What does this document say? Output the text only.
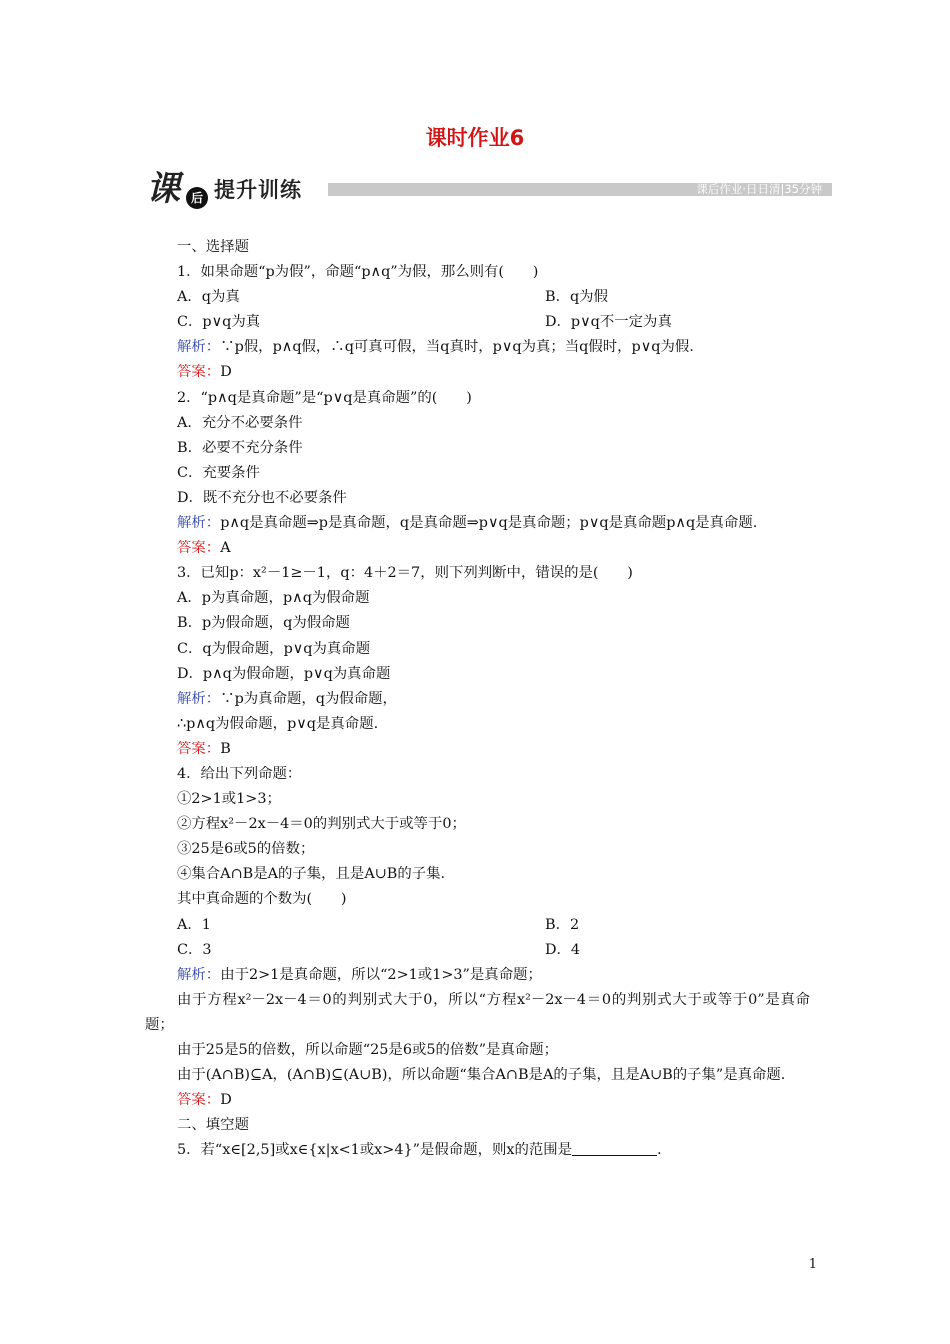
课时作业6
课 后 提升训练	课后作业·日日清|35分钟
一、选择题
1．如果命题“p为假”，命题“p∧q”为假，那么则有(　　)
A．q为真	B．q为假
C．p∨q为真	D．p∨q不一定为真
解析：∵p假，p∧q假，∴q可真可假，当q真时，p∨q为真；当q假时，p∨q为假.
答案：D
2．“p∧q是真命题”是“p∨q是真命题”的(　　)
A．充分不必要条件
B．必要不充分条件
C．充要条件
D．既不充分也不必要条件
解析：p∧q是真命题⇒p是真命题，q是真命题⇒p∨q是真命题；p∨q是真命题p∧q是真命题.
答案：A
3．已知p：x²－1≥－1，q：4＋2＝7，则下列判断中，错误的是(　　)
A．p为真命题，p∧q为假命题
B．p为假命题，q为假命题
C．q为假命题，p∨q为真命题
D．p∧q为假命题，p∨q为真命题
解析：∵p为真命题，q为假命题，
∴p∧q为假命题，p∨q是真命题.
答案：B
4．给出下列命题：
①2>1或1>3；
②方程x²－2x－4＝0的判别式大于或等于0；
③25是6或5的倍数；
④集合A∩B是A的子集，且是A∪B的子集.
其中真命题的个数为(　　)
A．1	B．2
C．3	D．4
解析：由于2>1是真命题，所以“2>1或1>3”是真命题；
由于方程x²－2x－4＝0的判别式大于0，所以“方程x²－2x－4＝0的判别式大于或等于0”是真命题；
由于25是5的倍数，所以命题“25是6或5的倍数”是真命题；
由于(A∩B)⊆A，(A∩B)⊆(A∪B)，所以命题“集合A∩B是A的子集，且是A∪B的子集”是真命题.
答案：D
二、填空题
5．若“x∈[2,5]或x∈{x|x<1或x>4}”是假命题，则x的范围是	.
1
